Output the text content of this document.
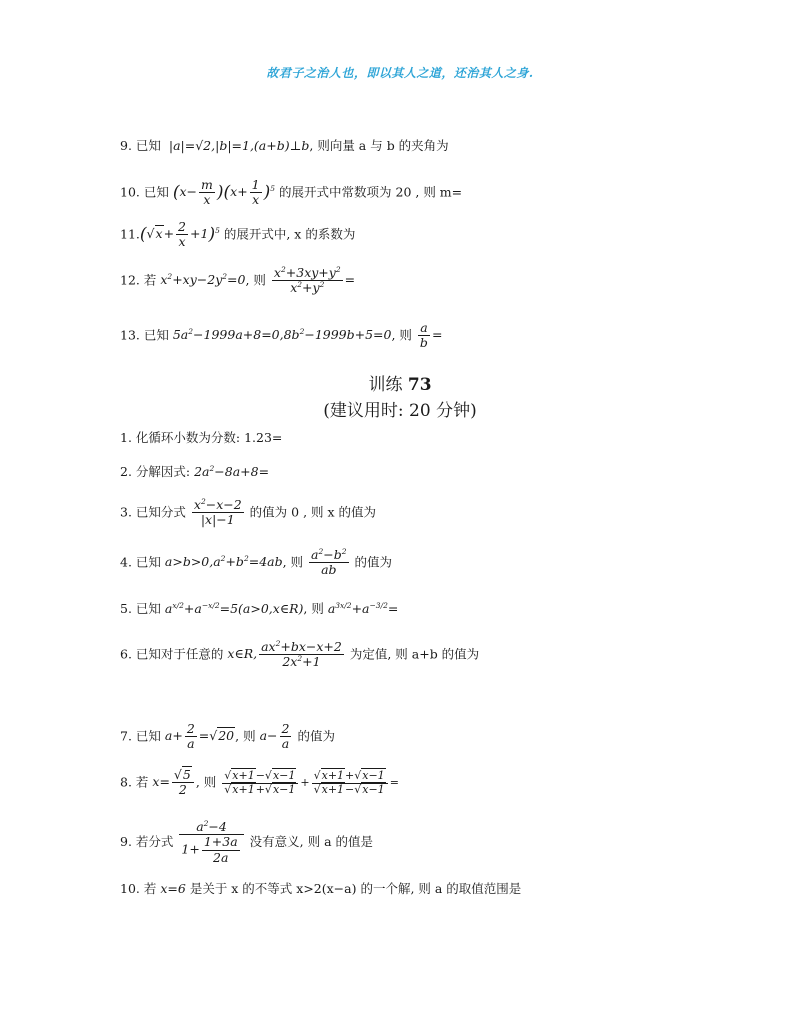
故君子之治人也，即以其人之道，还治其人之身.
9. 已知  |a|=√2,|b|=1,(a+b)⊥b, 则向量 a 与 b 的夹角为
10. 已知 $(x- \frac{m}{x} )(x+ \frac{1}{x} )^5$ 的展开式中常数项为 20 , 则 m=
$11.(√x+ \frac{2}{x} +1)^5$ 的展开式中, x 的系数为
12. 若 $x^2+xy-2y^2=0$, 则 $\frac{x^2+3xy+y^2}{x^2+y^2}$ =
13. 已知 $5a^2-1999a+8=0,8b^2-1999b+5=0$, 则 $\frac{a}{b}$ =
训练 73
(建议用时: 20 分钟)
1. 化循环小数为分数: 1.23=
2. 分解因式: $2a^2-8a+8=$
3. 已知分式 $\frac{x^2-x-2}{|x|-1}$ 的值为 0 , 则 x 的值为
4. 已知 $a>b>0,a^2+b^2=4ab$, 则 $\frac{a^2-b^2}{ab}$ 的值为
5. 已知 $a^{x/2}+a^{-x/2}=5(a>0,x\in R)$, 则 $a^{3x/2}+a^{-3/2}=$
6. 已知对于任意的 x∈R, $\frac{ax^2+bx-x+2}{2x^2+1}$ 为定值, 则 a+b 的值为
7. 已知 $a+ \frac{2}{a} =√20$, 则 $a- \frac{2}{a}$ 的值为
8. 若 $x= \frac{√5}{2}$ , 则 $\frac{√x+1-√x-1}{√x+1+√x-1} + \frac{√x+1+√x-1}{√x+1-√x-1}$ =
9. 若分式 $\frac{a^2-4}{1+ \frac{1+3a}{2a}}$ 没有意义, 则 a 的值是
10. 若 x=6 是关于 x 的不等式 x>2(x−a) 的一个解, 则 a 的取值范围是
